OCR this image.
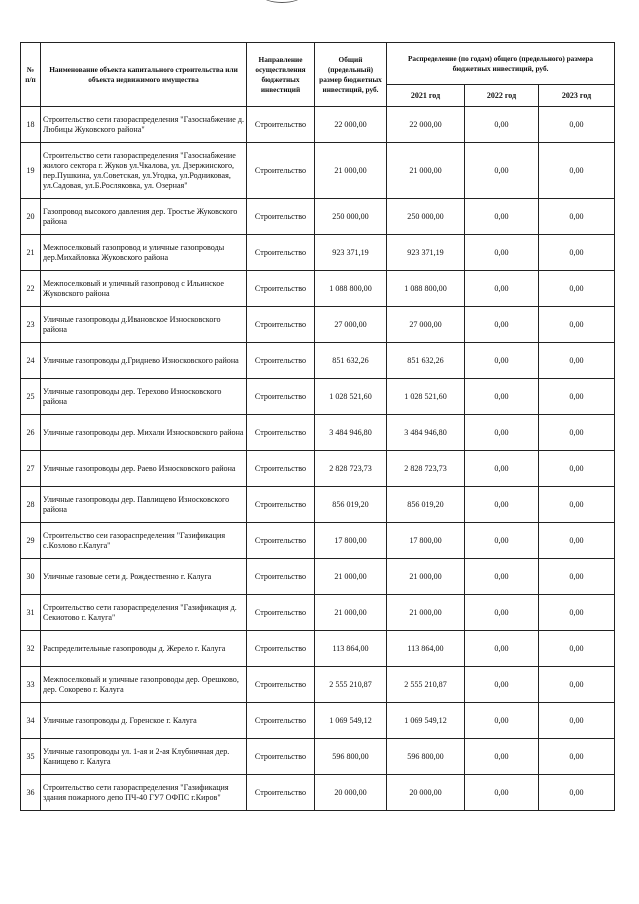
№
п/п	Наименование объекта капитального строительства или объекта недвижимого имущества	Направление осуществления бюджетных инвестиций	Общий (предельный) размер бюджетных инвестиций, руб.	Распределение (по годам) общего (предельного) размера бюджетных инвестиций, руб.		
				2021 год	2022 год	2023 год
18	Строительство сети газораспределения "Газоснабжение д. Любицы Жуковского района"	Строительство	22 000,00	22 000,00	0,00	0,00
19	Строительство сети газораспределения "Газоснабжение жилого сектора г. Жуков ул.Чкалова, ул. Дзержинского, пер.Пушкина, ул.Советская, ул.Угодка, ул.Родниковая, ул.Садовая, ул.Б.Росляковка, ул. Озерная"	Строительство	21 000,00	21 000,00	0,00	0,00
20	Газопровод высокого давления дер. Тростье Жуковского района	Строительство	250 000,00	250 000,00	0,00	0,00
21	Межпоселковый газопровод и уличные газопроводы дер.Михайловка Жуковского района	Строительство	923 371,19	923 371,19	0,00	0,00
22	Межпоселковый и уличный газопровод с Ильинское Жуковского района	Строительство	1 088 800,00	1 088 800,00	0,00	0,00
23	Уличные газопроводы д.Ивановское Износковского района	Строительство	27 000,00	27 000,00	0,00	0,00
24	Уличные газопроводы д.Гриднево Износковского района	Строительство	851 632,26	851 632,26	0,00	0,00
25	Уличные газопроводы дер. Терехово Износковского района	Строительство	1 028 521,60	1 028 521,60	0,00	0,00
26	Уличные газопроводы дер. Михали Износковского района	Строительство	3 484 946,80	3 484 946,80	0,00	0,00
27	Уличные газопроводы дер. Раево Износковского района	Строительство	2 828 723,73	2 828 723,73	0,00	0,00
28	Уличные газопроводы дер. Павлищево Износковского района	Строительство	856 019,20	856 019,20	0,00	0,00
29	Строительство сеи газораспределения "Газификация с.Козлово г.Калуга"	Строительство	17 800,00	17 800,00	0,00	0,00
30	Уличные газовые сети д. Рождественно г. Калуга	Строительство	21 000,00	21 000,00	0,00	0,00
31	Строительство сети газораспределения "Газификация д. Секиотово г. Калуга"	Строительство	21 000,00	21 000,00	0,00	0,00
32	Распределительные газопроводы д. Жерело г. Калуга	Строительство	113 864,00	113 864,00	0,00	0,00
33	Межпоселковый и уличные газопроводы дер. Орешково, дер. Сокорево г. Калуга	Строительство	2 555 210,87	2 555 210,87	0,00	0,00
34	Уличные газопроводы д. Горенское г. Калуга	Строительство	1 069 549,12	1 069 549,12	0,00	0,00
35	Уличные газопроводы ул. 1-ая и 2-ая Клубничная дер. Канищево г. Калуга	Строительство	596 800,00	596 800,00	0,00	0,00
36	Строительство сети газораспределения "Газификация здания пожарного депо ПЧ-40 ГУ7 ОФПС г.Киров"	Строительство	20 000,00	20 000,00	0,00	0,00
